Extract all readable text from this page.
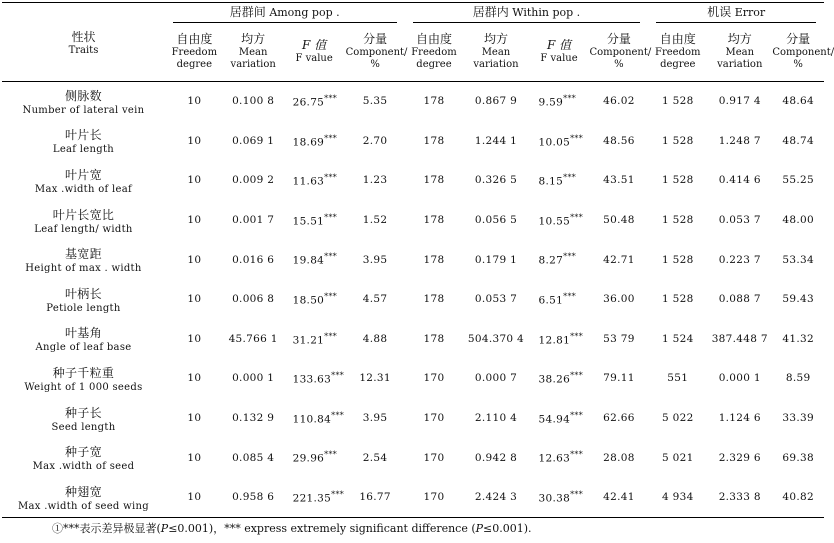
性状
Traits	居群间 Among pop .				居群内 Within pop .				机误 Error		

	自由度
Freedom
degree	均方
Mean
variation	F 值
F value	分量
Component/ %	自由度
Freedom
degree	均方
Mean
variation	F 值
F value	分量
Component/ %	自由度
Freedom
degree	均方
Mean
variation	分量
Component/ %

侧脉数
Number of lateral vein	10	0.100 8	26.75***	5.35	178	0.867 9	9.59***	46.02	1 528	0.917 4	48.64

叶片长
Leaf length	10	0.069 1	18.69***	2.70	178	1.244 1	10.05***	48.56	1 528	1.248 7	48.74

叶片宽
Max .width of leaf	10	0.009 2	11.63***	1.23	178	0.326 5	8.15***	43.51	1 528	0.414 6	55.25

叶片长宽比
Leaf length/ width	10	0.001 7	15.51***	1.52	178	0.056 5	10.55***	50.48	1 528	0.053 7	48.00

基宽距
Height of max . width	10	0.016 6	19.84***	3.95	178	0.179 1	8.27***	42.71	1 528	0.223 7	53.34

叶柄长
Petiole length	10	0.006 8	18.50***	4.57	178	0.053 7	6.51***	36.00	1 528	0.088 7	59.43

叶基角
Angle of leaf base	10	45.766 1	31.21***	4.88	178	504.370 4	12.81***	53 79	1 524	387.448 7	41.32

种子千粒重
Weight of 1 000 seeds	10	0.000 1	133.63***	12.31	170	0.000 7	38.26***	79.11	551	0.000 1	8.59

种子长
Seed length	10	0.132 9	110.84***	3.95	170	2.110 4	54.94***	62.66	5 022	1.124 6	33.39

种子宽
Max .width of seed	10	0.085 4	29.96***	2.54	170	0.942 8	12.63***	28.08	5 021	2.329 6	69.38

种翅宽
Max .width of seed wing	10	0.958 6	221.35***	16.77	170	2.424 3	30.38***	42.41	4 934	2.333 8	40.82
①***表示差异极显著(P≤0.001)，*** express extremely significant difference (P≤0.001).
